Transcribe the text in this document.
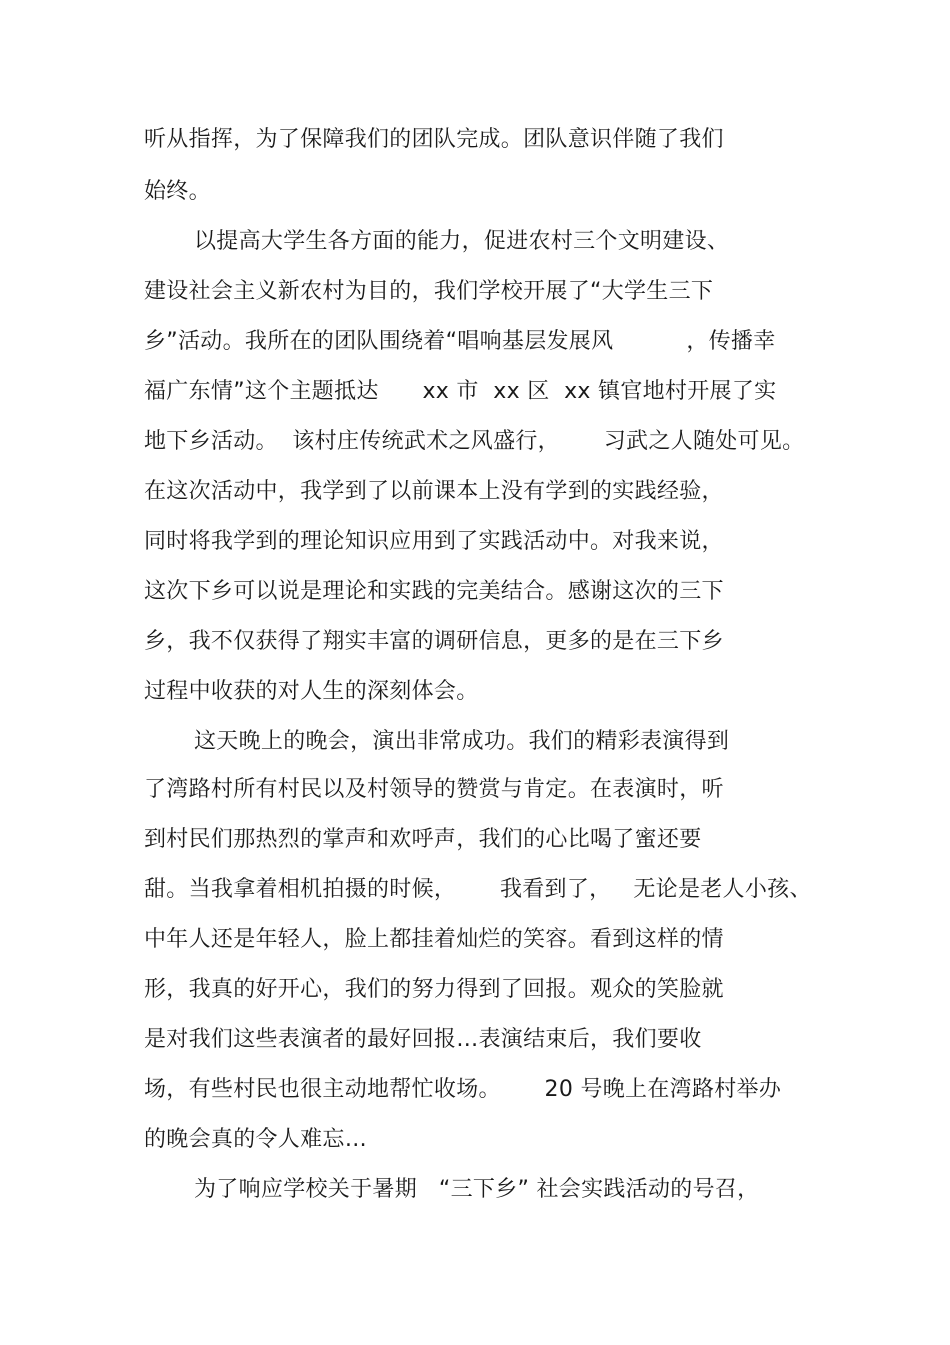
听从指挥，为了保障我们的团队完成。团队意识伴随了我们
始终。
以提高大学生各方面的能力，促进农村三个文明建设、
建设社会主义新农村为目的，我们学校开展了“大学生三下
乡”活动。我所在的团队围绕着“唱响基层发展风          ，传播幸
福广东情”这个主题抵达      xx 市  xx 区  xx 镇官地村开展了实
地下乡活动。  该村庄传统武术之风盛行，      习武之人随处可见。
在这次活动中，我学到了以前课本上没有学到的实践经验，
同时将我学到的理论知识应用到了实践活动中。对我来说，
这次下乡可以说是理论和实践的完美结合。感谢这次的三下
乡，我不仅获得了翔实丰富的调研信息，更多的是在三下乡
过程中收获的对人生的深刻体会。
这天晚上的晚会，演出非常成功。我们的精彩表演得到
了湾路村所有村民以及村领导的赞赏与肯定。在表演时，听
到村民们那热烈的掌声和欢呼声，我们的心比喝了蜜还要
甜。当我拿着相机拍摄的时候，      我看到了，   无论是老人小孩、
中年人还是年轻人，脸上都挂着灿烂的笑容。看到这样的情
形，我真的好开心，我们的努力得到了回报。观众的笑脸就
是对我们这些表演者的最好回报…表演结束后，我们要收
场，有些村民也很主动地帮忙收场。      20 号晚上在湾路村举办
的晚会真的令人难忘…
为了响应学校关于暑期   “三下乡” 社会实践活动的号召，
